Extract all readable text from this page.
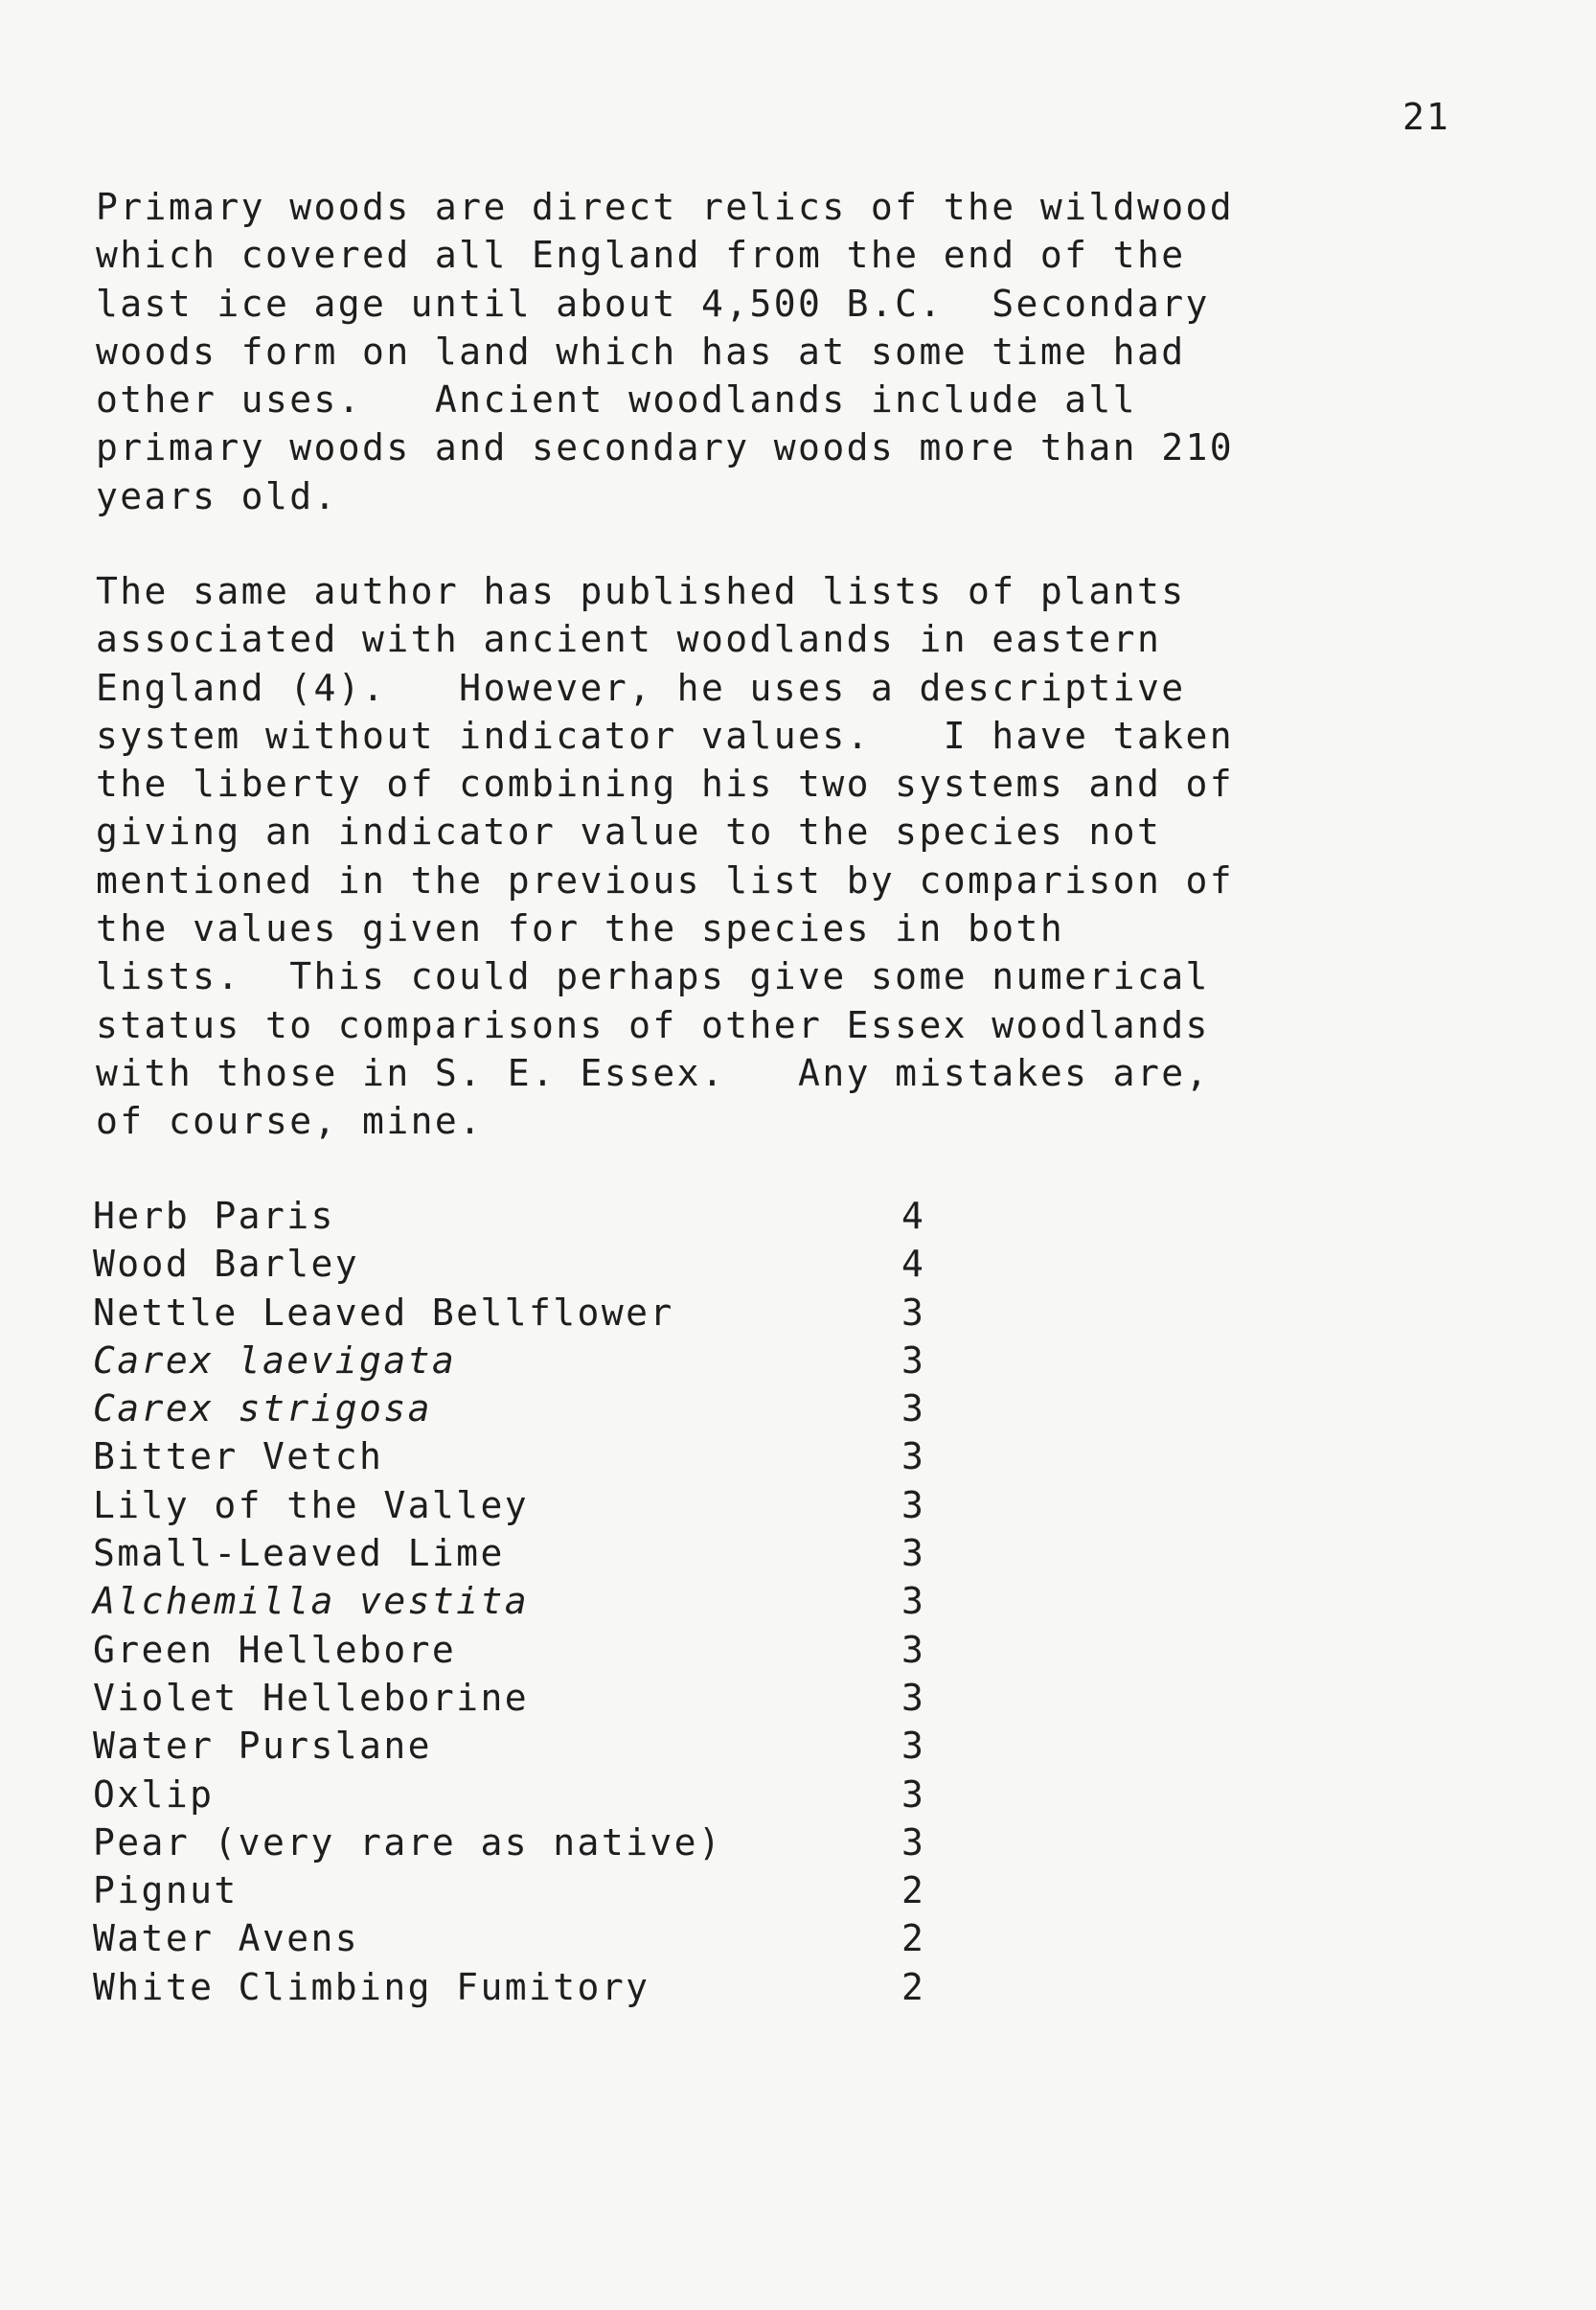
21

Primary woods are direct relics of the wildwood
which covered all England from the end of the
last ice age until about 4,500 B.C.  Secondary
woods form on land which has at some time had
other uses.   Ancient woodlands include all
primary woods and secondary woods more than 210
years old.

The same author has published lists of plants
associated with ancient woodlands in eastern
England (4).   However, he uses a descriptive
system without indicator values.   I have taken
the liberty of combining his two systems and of
giving an indicator value to the species not
mentioned in the previous list by comparison of
the values given for the species in both
lists.  This could perhaps give some numerical
status to comparisons of other Essex woodlands
with those in S. E. Essex.   Any mistakes are,
of course, mine.

Herb Paris	4
Wood Barley	4
Nettle Leaved Bellflower	3
Carex laevigata	3
Carex strigosa	3
Bitter Vetch	3
Lily of the Valley	3
Small-Leaved Lime	3
Alchemilla vestita	3
Green Hellebore	3
Violet Helleborine	3
Water Purslane	3
Oxlip	3
Pear (very rare as native)	3
Pignut	2
Water Avens	2
White Climbing Fumitory	2
